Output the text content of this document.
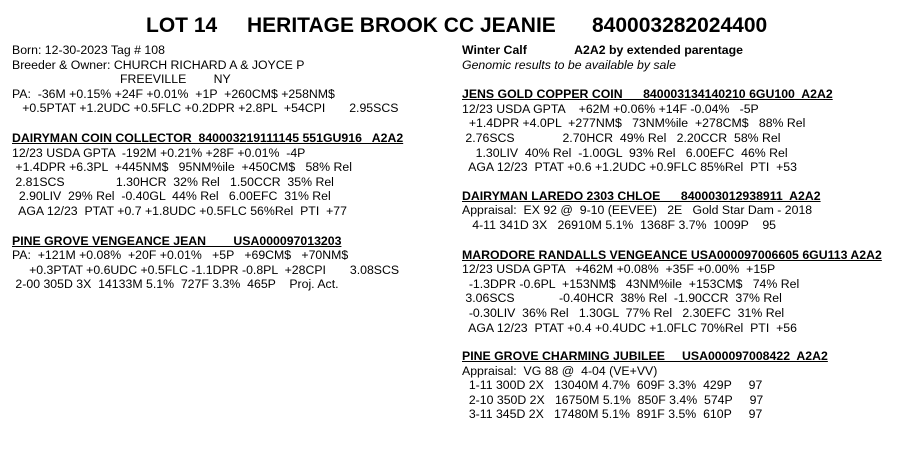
LOT 14 HERITAGE BROOK CC JEANIE 840003282024400
Born: 12-30-2023 Tag # 108
Breeder & Owner: CHURCH RICHARD A & JOYCE P
FREEVILLE        NY
PA:  -36M +0.15% +24F +0.01%  +1P  +260CM$ +258NM$
+0.5PTAT +1.2UDC +0.5FLC +0.2DPR +2.8PL  +54CPI       2.95SCS
DAIRYMAN COIN COLLECTOR  840003219111145 551GU916   A2A2
12/23 USDA GPTA  -192M +0.21% +28F +0.01%  -4P
+1.4DPR +6.3PL  +445NM$   95NM%ile  +450CM$   58% Rel
2.81SCS               1.30HCR  32% Rel   1.50CCR  35% Rel
2.90LIV  29% Rel  -0.40GL  44% Rel   6.00EFC  31% Rel
AGA 12/23  PTAT +0.7 +1.8UDC +0.5FLC 56%Rel  PTI  +77
PINE GROVE VENGEANCE JEAN        USA000097013203
PA:  +121M +0.08%  +20F +0.01%   +5P   +69CM$   +70NM$
+0.3PTAT +0.6UDC +0.5FLC -1.1DPR -0.8PL  +28CPI       3.08SCS
2-00 305D 3X  14133M 5.1%  727F 3.3%  465P    Proj. Act.
Winter Calf              A2A2 by extended parentage
Genomic results to be available by sale
JENS GOLD COPPER COIN      840003134140210 6GU100  A2A2
12/23 USDA GPTA    +62M +0.06% +14F -0.04%   -5P
+1.4DPR +4.0PL  +277NM$   73NM%ile  +278CM$   88% Rel
2.76SCS              2.70HCR  49% Rel   2.20CCR  58% Rel
1.30LIV  40% Rel  -1.00GL  93% Rel   6.00EFC  46% Rel
AGA 12/23  PTAT +0.6 +1.2UDC +0.9FLC 85%Rel  PTI  +53
DAIRYMAN LAREDO 2303 CHLOE      840003012938911  A2A2
Appraisal:  EX 92 @  9-10 (EEVEE)   2E   Gold Star Dam - 2018
4-11 341D 3X   26910M 5.1%  1368F 3.7%  1009P    95
MARODORE RANDALLS VENGEANCE USA000097006605 6GU113 A2A2
12/23 USDA GPTA   +462M +0.08%  +35F +0.00%  +15P
-1.3DPR -0.6PL  +153NM$   43NM%ile  +153CM$   74% Rel
3.06SCS             -0.40HCR  38% Rel  -1.90CCR  37% Rel
-0.30LIV  36% Rel   1.30GL  77% Rel   2.30EFC  31% Rel
AGA 12/23  PTAT +0.4 +0.4UDC +1.0FLC 70%Rel  PTI  +56
PINE GROVE CHARMING JUBILEE     USA000097008422  A2A2
Appraisal:  VG 88 @  4-04 (VE+VV)
1-11 300D 2X   13040M 4.7%  609F 3.3%  429P     97
2-10 350D 2X   16750M 5.1%  850F 3.4%  574P     97
3-11 345D 2X   17480M 5.1%  891F 3.5%  610P     97
